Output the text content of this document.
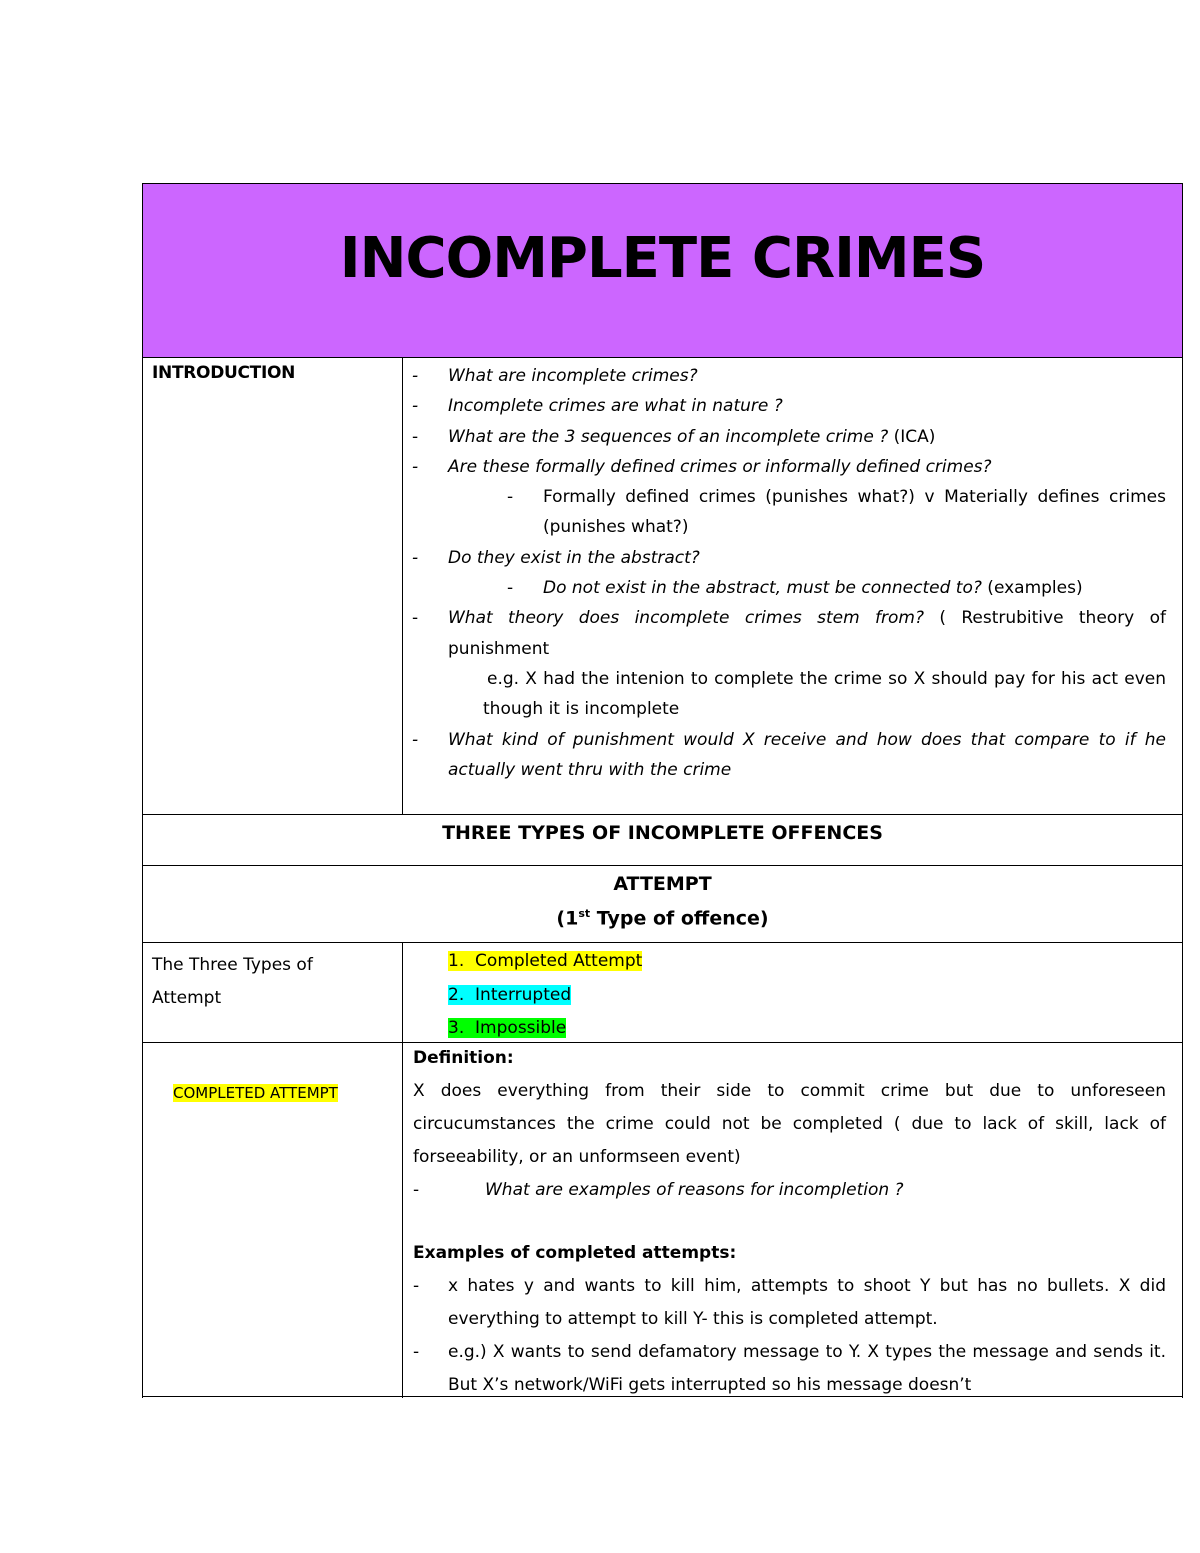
INCOMPLETE CRIMES
INTRODUCTION	- What are incomplete crimes?
- Incomplete crimes are what in nature ?
- What are the 3 sequences of an incomplete crime ? (ICA)
- Are these formally defined crimes or informally defined crimes?
- Formally defined crimes (punishes what?) v Materially defines crimes (punishes what?)
- Do they exist in the abstract?
- Do not exist in the abstract, must be connected to? (examples)
- What theory does incomplete crimes stem from? ( Restrubitive theory of punishment
e.g. X had the intenion to complete the crime so X should pay for his act even though it is incomplete
- What kind of punishment would X receive and how does that compare to if he actually went thru with the crime
THREE TYPES OF INCOMPLETE OFFENCES
ATTEMPT
(1st Type of offence)
The Three Types of Attempt
1. Completed Attempt
2. Interrupted
3. Impossible
COMPLETED ATTEMPT
Definition:
X does everything from their side to commit crime but due to unforeseen circucumstances the crime could not be completed ( due to lack of skill, lack of forseeability, or an unformseen event)
-	What are examples of reasons for incompletion ?
Examples of completed attempts:
- x hates y and wants to kill him, attempts to shoot Y but has no bullets. X did everything to attempt to kill Y- this is completed attempt.
- e.g.) X wants to send defamatory message to Y. X types the message and sends it. But X’s network/WiFi gets interrupted so his message doesn’t
